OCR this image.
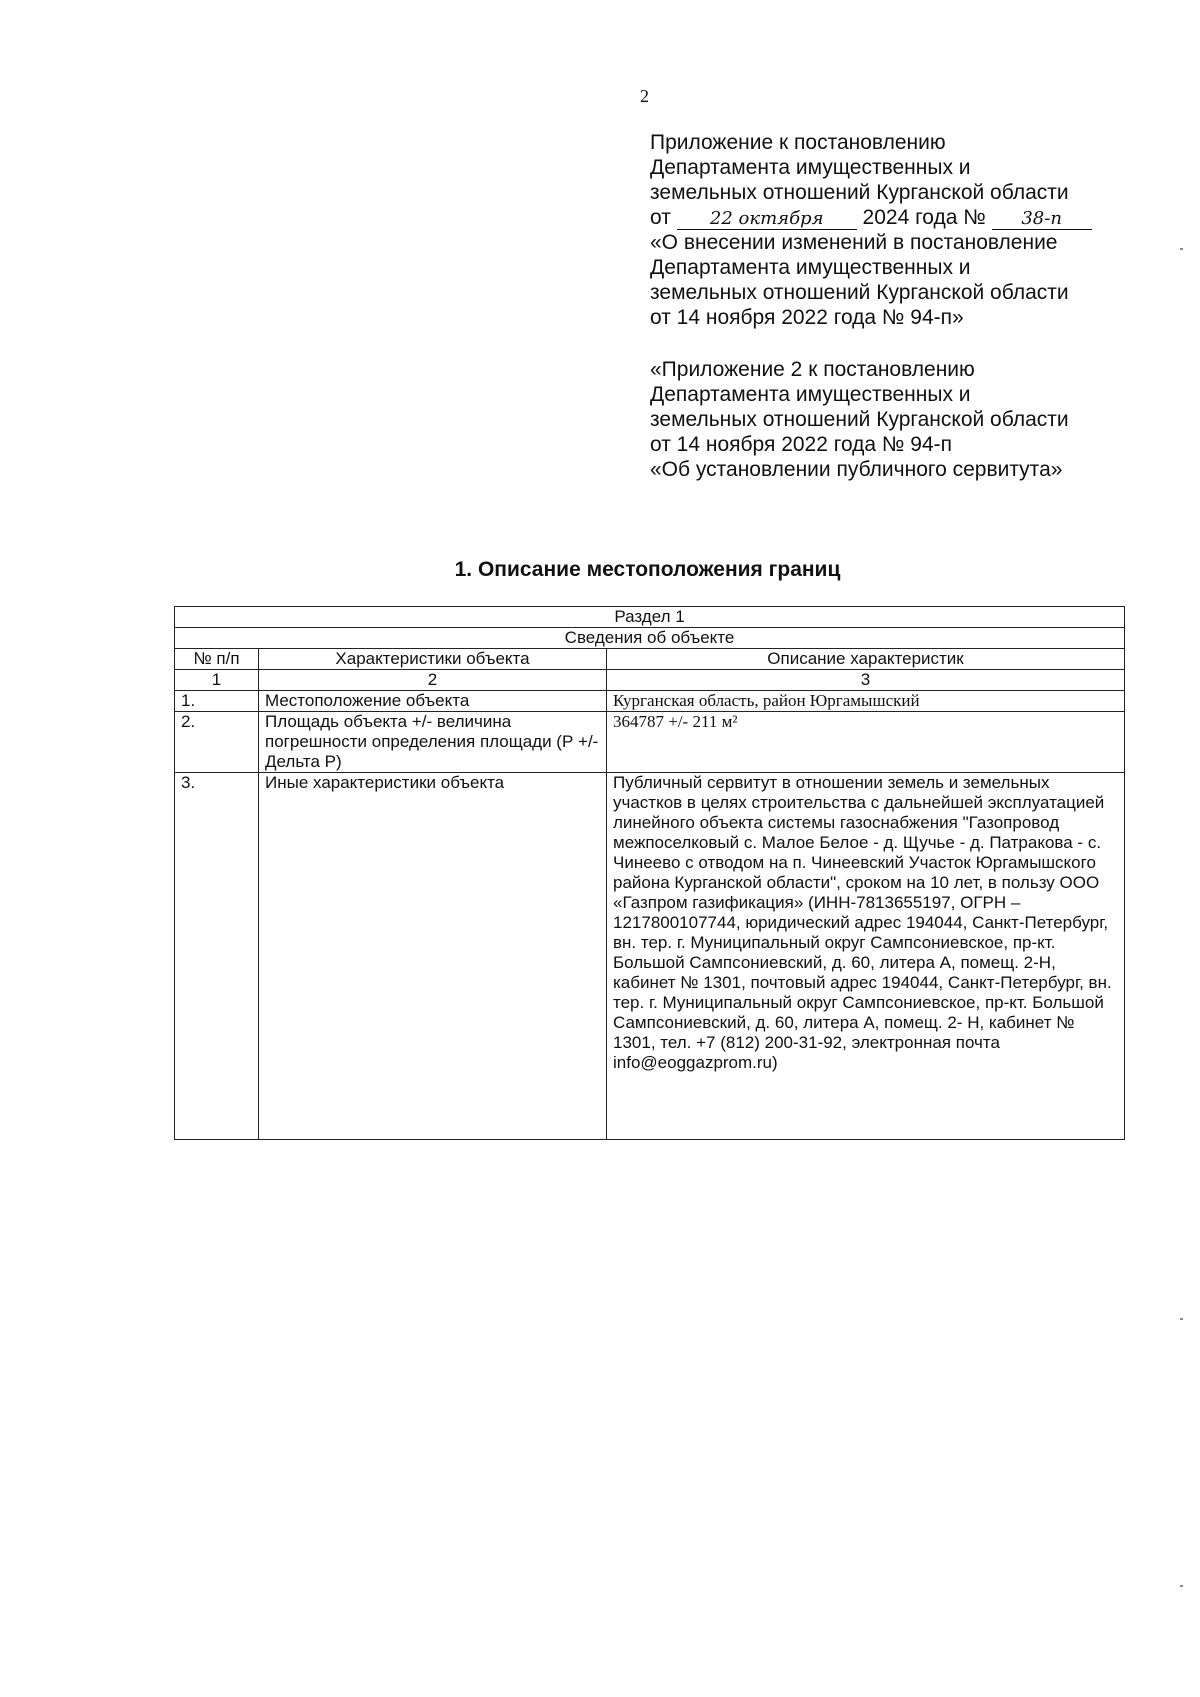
2
Приложение к постановлению
Департамента имущественных и
земельных отношений Курганской области
от 22 октября 2024 года № 38-п
«О внесении изменений в постановление
Департамента имущественных и
земельных отношений Курганской области
от 14 ноября 2022 года № 94-п»
«Приложение 2 к постановлению
Департамента имущественных и
земельных отношений Курганской области
от 14 ноября 2022 года № 94-п
«Об установлении публичного сервитута»
1. Описание местоположения границ
Раздел 1		
Сведения об объекте		
№ п/п	Характеристики объекта	Описание характеристик
1	2	3
1.	Местоположение объекта	Курганская область, район Юргамышский
2.	Площадь объекта +/- величина погрешности определения площади (Р +/- Дельта Р)	364787 +/- 211 м²
3.	Иные характеристики объекта	Публичный сервитут в отношении земель и земельных участков в целях строительства с дальнейшей эксплуатацией линейного объекта системы газоснабжения "Газопровод межпоселковый с. Малое Белое - д. Щучье - д. Патракова - с. Чинеево с отводом на п. Чинеевский Участок Юргамышского района Курганской области", сроком на 10 лет, в пользу ООО «Газпром газификация» (ИНН-7813655197, ОГРН – 1217800107744, юридический адрес 194044, Санкт-Петербург, вн. тер. г. Муниципальный округ Сампсониевское, пр-кт. Большой Сампсониевский, д. 60, литера А, помещ. 2-Н, кабинет № 1301, почтовый адрес 194044, Санкт-Петербург, вн. тер. г. Муниципальный округ Сампсониевское, пр-кт. Большой Сампсониевский, д. 60, литера А, помещ. 2- Н, кабинет № 1301, тел. +7 (812) 200-31-92, электронная почта info@eoggazprom.ru)
